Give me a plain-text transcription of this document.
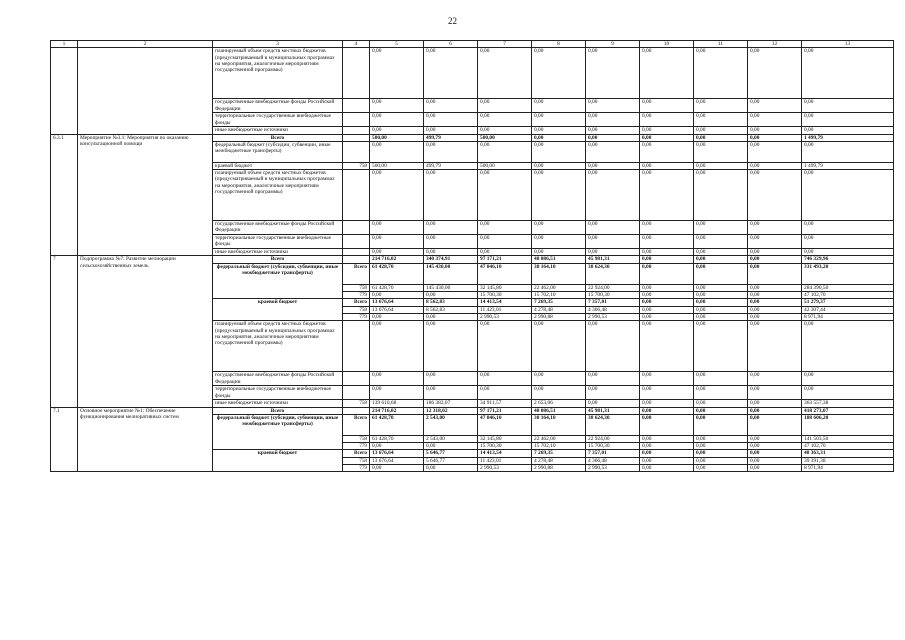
22
1	2	3	4	5	6	7	8	9	10	11	12	13
		планируемый объем средств местных бюджетов (предусматриваемый в муниципальных программах на мероприятия, аналогичные мероприятиям государственной программы)		0,00	0,00	0,00	0,00	0,00	0,00	0,00	0,00	0,00
		государственные внебюджетные фонды Российской Федерации		0,00	0,00	0,00	0,00	0,00	0,00	0,00	0,00	0,00
		территориальные государственные внебюджетные фонды		0,00	0,00	0,00	0,00	0,00	0,00	0,00	0,00	0,00
		иные внебюджетные источники		0,00	0,00	0,00	0,00	0,00	0,00	0,00	0,00	0,00
6.3.1	Мероприятие №3.1: Мероприятия по оказанию консультационной помощи	Всего		500,00	499,79	500,00	0,00	0,00	0,00	0,00	0,00	1 499,79
		федеральный бюджет (субсидии, субвенции, иные межбюджетные трансферты)		0,00	0,00	0,00	0,00	0,00	0,00	0,00	0,00	0,00
		краевой бюджет	758	500,00	499,79	500,00	0,00	0,00	0,00	0,00	0,00	1 499,79
		планируемый объем средств местных бюджетов (предусматриваемый в муниципальных программах на мероприятия, аналогичные мероприятиям государственной программы)		0,00	0,00	0,00	0,00	0,00	0,00	0,00	0,00	0,00
		государственные внебюджетные фонды Российской Федерации		0,00	0,00	0,00	0,00	0,00	0,00	0,00	0,00	0,00
		территориальные государственные внебюджетные фонды		0,00	0,00	0,00	0,00	0,00	0,00	0,00	0,00	0,00
		иные внебюджетные источники		0,00	0,00	0,00	0,00	0,00	0,00	0,00	0,00	0,00
7	Подпрограмма №7: Развитие мелиорации сельскохозяйственных земель	Всего		214 716,02	340 374,91	97 171,21	48 086,51	45 981,31	0,00	0,00	0,00	746 329,96
		федеральный бюджет (субсидии, субвенции, иные межбюджетные трансферты)	Всего	61 428,70	145 430,00	47 846,10	38 164,10	38 624,30	0,00	0,00	0,00	331 493,20
			758	61 428,70	145 430,00	32 145,80	22 462,00	22 924,00	0,00	0,00	0,00	284 390,50
			779	0,00	0,00	15 700,30	15 702,10	15 700,30	0,00	0,00	0,00	47 102,70
		краевой бюджет	Всего	13 676,64	8 562,83	14 413,54	7 269,35	7 357,01	0,00	0,00	0,00	51 279,37
			758	13 676,64	8 562,83	11 423,01	4 278,48	4 366,48	0,00	0,00	0,00	42 307,44
			779	0,00	0,00	2 990,53	2 990,88	2 990,53	0,00	0,00	0,00	8 971,94
		планируемый объем средств местных бюджетов (предусматриваемый в муниципальных программах на мероприятия, аналогичные мероприятиям государственной программы)		0,00	0,00	0,00	0,00	0,00	0,00	0,00	0,00	0,00
		государственные внебюджетные фонды Российской Федерации		0,00	0,00	0,00	0,00	0,00	0,00	0,00	0,00	0,00
		территориальные государственные внебюджетные фонды		0,00	0,00	0,00	0,00	0,00	0,00	0,00	0,00	0,00
		иные внебюджетные источники	758	139 610,68	186 382,07	34 911,57	2 653,06	0,00	0,00	0,00	0,00	363 557,38
7.1	Основное мероприятие №1: Обеспечение функционирования мелиоративных систем	Всего		214 716,02	12 318,02	97 171,21	48 086,51	45 981,31	0,00	0,00	0,00	418 273,07
		федеральный бюджет (субсидии, субвенции, иные межбюджетные трансферты)	Всего	61 428,70	2 543,00	47 846,10	38 164,10	38 624,30	0,00	0,00	0,00	188 606,20
			758	61 428,70	2 543,00	32 145,80	22 462,00	22 924,00	0,00	0,00	0,00	141 503,50
			779	0,00	0,00	15 700,30	15 702,10	15 700,30	0,00	0,00	0,00	47 102,70
		краевой бюджет	Всего	13 676,64	5 646,77	14 413,54	7 269,35	7 357,01	0,00	0,00	0,00	48 363,31
			758	13 676,64	5 646,77	11 423,01	4 278,48	4 366,48	0,00	0,00	0,00	39 391,38
			779	0,00	0,00	2 990,53	2 990,88	2 990,53	0,00	0,00	0,00	8 971,94
